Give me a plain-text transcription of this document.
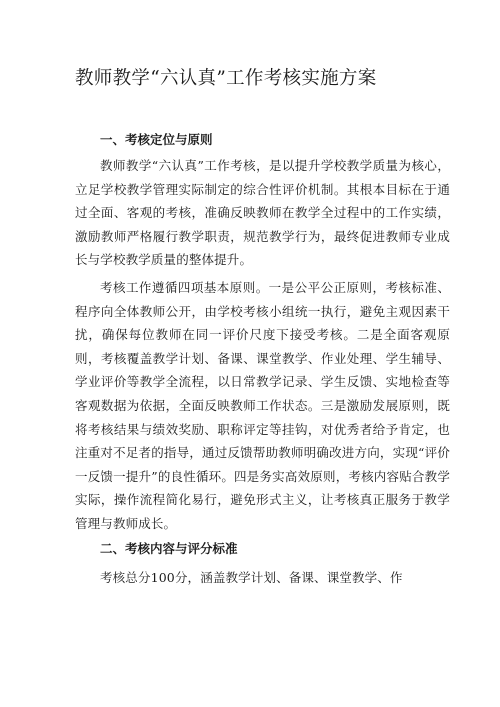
教师教学“六认真”工作考核实施方案
一、考核定位与原则

教师教学“六认真”工作考核，是以提升学校教学质量为核心，立足学校教学管理实际制定的综合性评价机制。其根本目标在于通过全面、客观的考核，准确反映教师在教学全过程中的工作实绩，激励教师严格履行教学职责，规范教学行为，最终促进教师专业成长与学校教学质量的整体提升。

考核工作遵循四项基本原则。一是公平公正原则，考核标准、程序向全体教师公开，由学校考核小组统一执行，避免主观因素干扰，确保每位教师在同一评价尺度下接受考核。二是全面客观原则，考核覆盖教学计划、备课、课堂教学、作业处理、学生辅导、学业评价等教学全流程，以日常教学记录、学生反馈、实地检查等客观数据为依据，全面反映教师工作状态。三是激励发展原则，既将考核结果与绩效奖励、职称评定等挂钩，对优秀者给予肯定，也注重对不足者的指导，通过反馈帮助教师明确改进方向，实现“评价一反馈一提升”的良性循环。四是务实高效原则，考核内容贴合教学实际，操作流程简化易行，避免形式主义，让考核真正服务于教学管理与教师成长。

二、考核内容与评分标准

考核总分100分，涵盖教学计划、备课、课堂教学、作
